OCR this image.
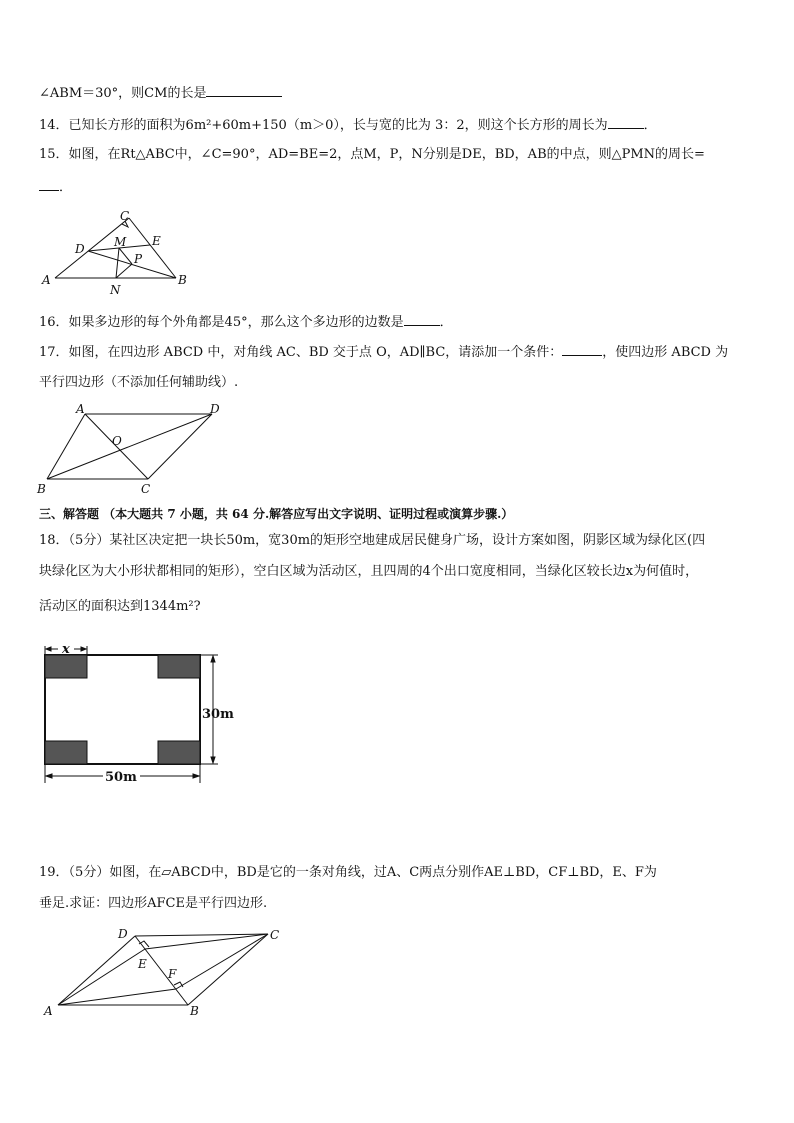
∠ABM＝30°，则CM的长是
14．已知长方形的面积为6m²+60m+150（m＞0），长与宽的比为 3：2，则这个长方形的周长为	．
15．如图，在Rt△ABC中，∠C=90°，AD=BE=2，点M，P，N分别是DE，BD，AB的中点，则△PMN的周长=
．
C
D
E
M
P
A	B
N
16．如果多边形的每个外角都是45°，那么这个多边形的边数是	．
17．如图，在四边形 ABCD 中，对角线 AC、BD 交于点 O，AD∥BC，请添加一个条件：	，使四边形 ABCD 为
平行四边形（不添加任何辅助线）.
A	D
O
B	C
三、解答题 （本大题共 7 小题，共 64 分.解答应写出文字说明、证明过程或演算步骤.）
18．（5分）某社区决定把一块长50m，宽30m的矩形空地建成居民健身广场，设计方案如图，阴影区域为绿化区(四
块绿化区为大小形状都相同的矩形），空白区域为活动区，且四周的4个出口宽度相同，当绿化区较长边x为何值时，
活动区的面积达到1344m²?
x
30m
50m
19．（5分）如图，在▱ABCD中，BD是它的一条对角线，过A、C两点分别作AE⊥BD，CF⊥BD，E、F为
垂足.求证：四边形AFCE是平行四边形.
D	C
E
F
A	B
